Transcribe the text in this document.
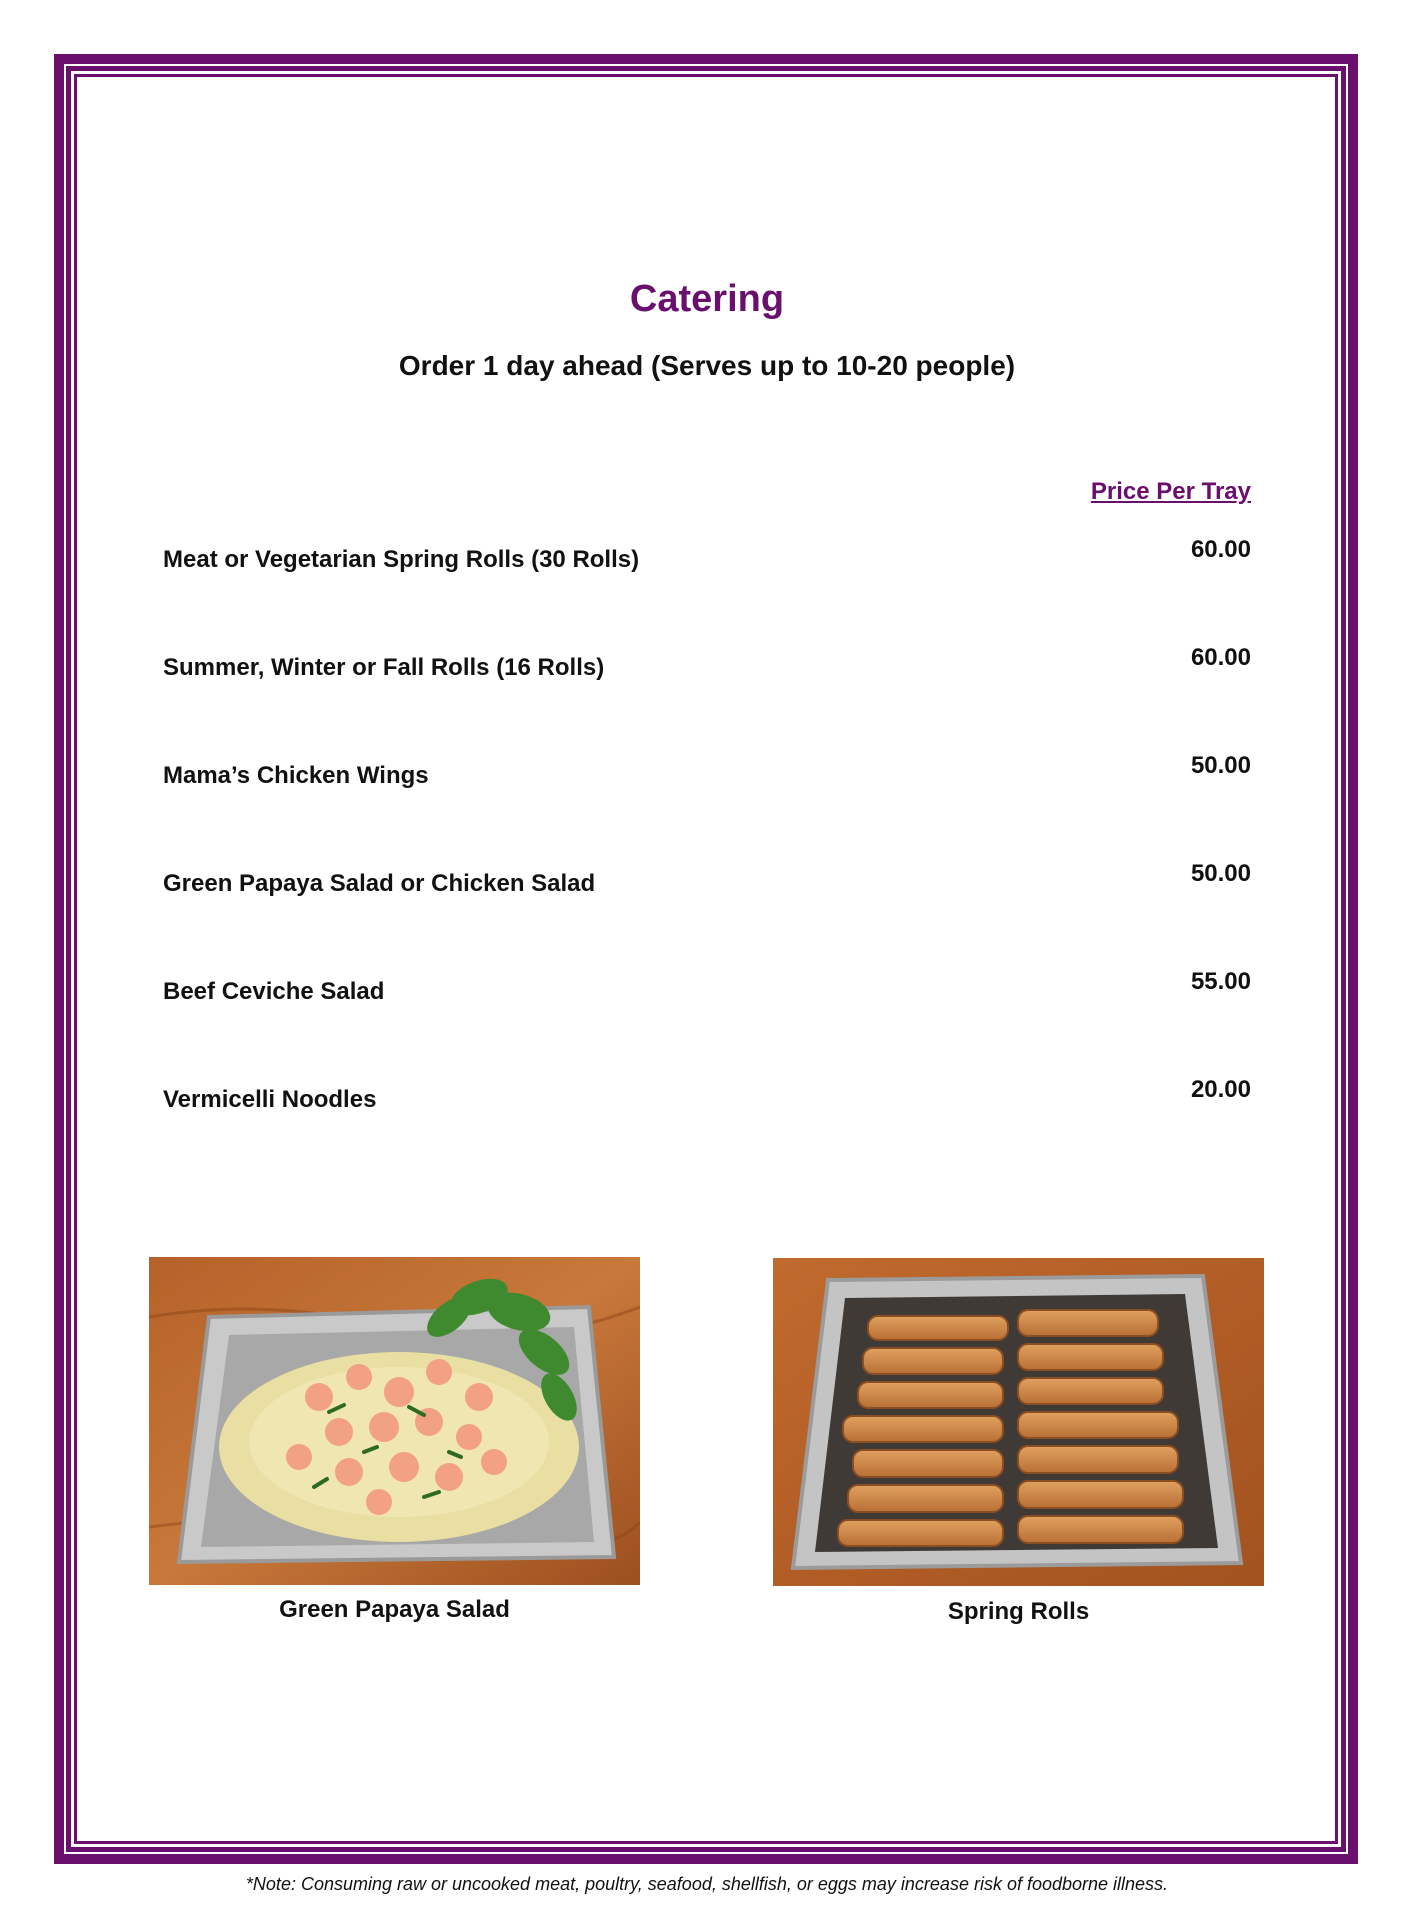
Catering
Order 1 day ahead (Serves up to 10-20 people)
Price Per Tray
Meat or Vegetarian Spring Rolls (30 Rolls)	60.00
Summer, Winter or Fall Rolls (16 Rolls)	60.00
Mama’s Chicken Wings	50.00
Green Papaya Salad or Chicken Salad	50.00
Beef Ceviche Salad	55.00
Vermicelli Noodles	20.00
Green Papaya Salad	Spring Rolls
*Note: Consuming raw or uncooked meat, poultry, seafood, shellfish, or eggs may increase risk of foodborne illness.
